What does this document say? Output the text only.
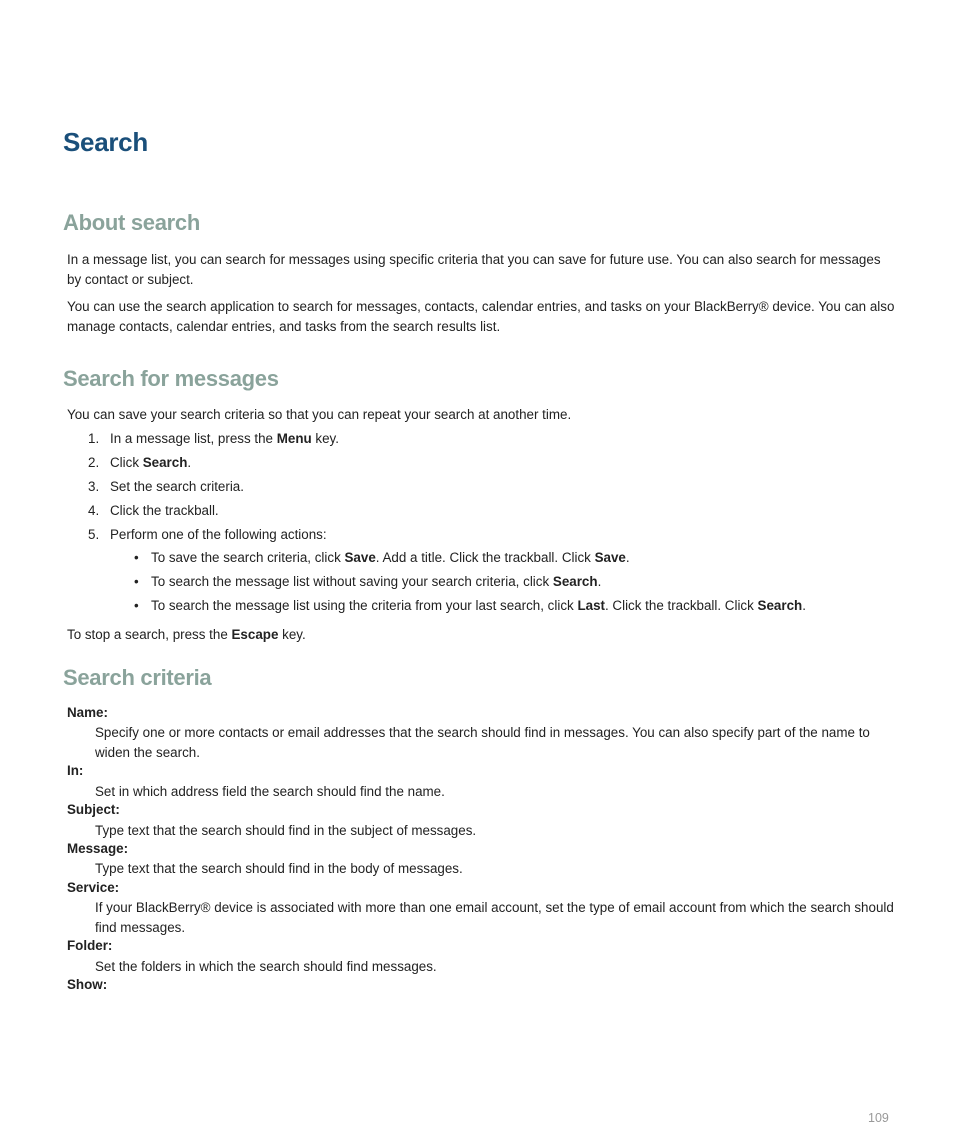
Search
About search

In a message list, you can search for messages using specific criteria that you can save for future use. You can also search for messages by contact or subject.

You can use the search application to search for messages, contacts, calendar entries, and tasks on your BlackBerry® device. You can also manage contacts, calendar entries, and tasks from the search results list.

Search for messages

You can save your search criteria so that you can repeat your search at another time.

1. In a message list, press the Menu key.
2. Click Search.
3. Set the search criteria.
4. Click the trackball.
5. Perform one of the following actions:
• To save the search criteria, click Save. Add a title. Click the trackball. Click Save.
• To search the message list without saving your search criteria, click Search.
• To search the message list using the criteria from your last search, click Last. Click the trackball. Click Search.

To stop a search, press the Escape key.

Search criteria

Name:

Specify one or more contacts or email addresses that the search should find in messages. You can also specify part of the name to widen the search.

In:

Set in which address field the search should find the name.

Subject:

Type text that the search should find in the subject of messages.

Message:

Type text that the search should find in the body of messages.

Service:

If your BlackBerry® device is associated with more than one email account, set the type of email account from which the search should find messages.

Folder:

Set the folders in which the search should find messages.

Show:

109
